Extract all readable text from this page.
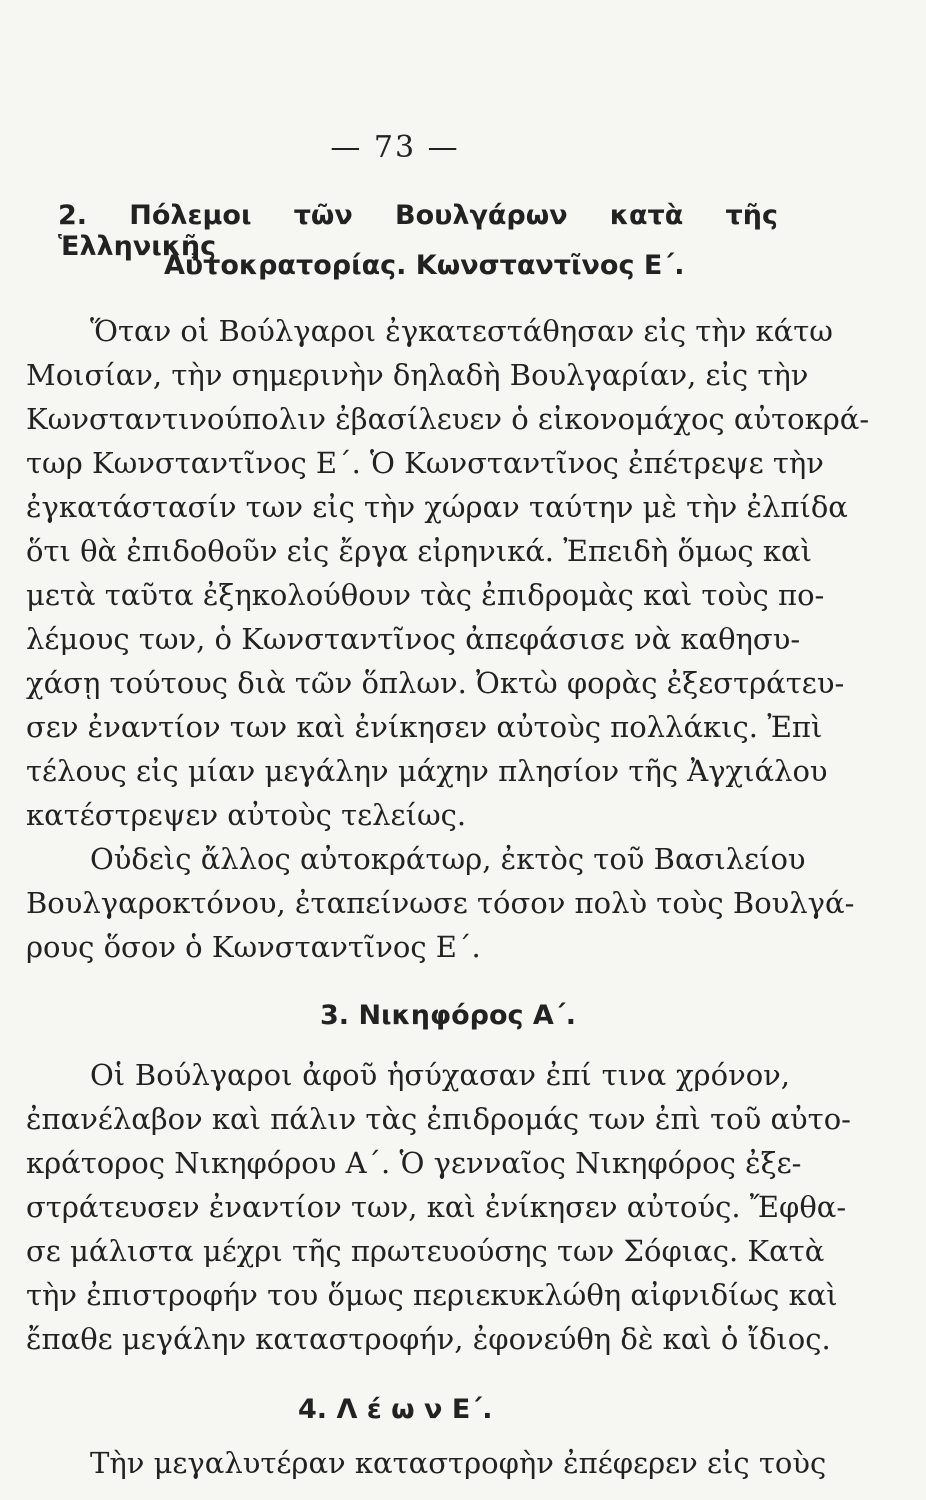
— 73 —
2. Πόλεμοι τῶν Βουλγάρων κατὰ τῆς Ἑλληνικῆς
Αὐτοκρατορίας. Κωνσταντῖνος Ε΄.
Ὅταν οἱ Βούλγαροι ἐγκατεστάθησαν εἰς τὴν κάτω
Μοισίαν, τὴν σημερινὴν δηλαδὴ Βουλγαρίαν, εἰς τὴν
Κωνσταντινούπολιν ἐβασίλευεν ὁ εἰκονομάχος αὐτοκρά-
τωρ Κωνσταντῖνος Ε΄. Ὁ Κωνσταντῖνος ἐπέτρεψε τὴν
ἐγκατάστασίν των εἰς τὴν χώραν ταύτην μὲ τὴν ἐλπίδα
ὅτι θὰ ἐπιδοθοῦν εἰς ἔργα εἰρηνικά. Ἐπειδὴ ὅμως καὶ
μετὰ ταῦτα ἐξηκολούθουν τὰς ἐπιδρομὰς καὶ τοὺς πο-
λέμους των, ὁ Κωνσταντῖνος ἀπεφάσισε νὰ καθησυ-
χάσῃ τούτους διὰ τῶν ὅπλων. Ὀκτὼ φορὰς ἐξεστράτευ-
σεν ἐναντίον των καὶ ἐνίκησεν αὐτοὺς πολλάκις. Ἐπὶ
τέλους εἰς μίαν μεγάλην μάχην πλησίον τῆς Ἀγχιάλου
κατέστρεψεν αὐτοὺς τελείως.
Οὐδεὶς ἄλλος αὐτοκράτωρ, ἐκτὸς τοῦ Βασιλείου
Βουλγαροκτόνου, ἐταπείνωσε τόσον πολὺ τοὺς Βουλγά-
ρους ὅσον ὁ Κωνσταντῖνος Ε΄.
3. Νικηφόρος Α΄.
Οἱ Βούλγαροι ἀφοῦ ἡσύχασαν ἐπί τινα χρόνον,
ἐπανέλαβον καὶ πάλιν τὰς ἐπιδρομάς των ἐπὶ τοῦ αὐτο-
κράτορος Νικηφόρου Α΄. Ὁ γενναῖος Νικηφόρος ἐξε-
στράτευσεν ἐναντίον των, καὶ ἐνίκησεν αὐτούς. Ἔφθα-
σε μάλιστα μέχρι τῆς πρωτευούσης των Σόφιας. Κατὰ
τὴν ἐπιστροφήν του ὅμως περιεκυκλώθη αἰφνιδίως καὶ
ἔπαθε μεγάλην καταστροφήν, ἐφονεύθη δὲ καὶ ὁ ἴδιος.
4. Λ έ ω ν Ε΄.
Τὴν μεγαλυτέραν καταστροφὴν ἐπέφερεν εἰς τοὺς
